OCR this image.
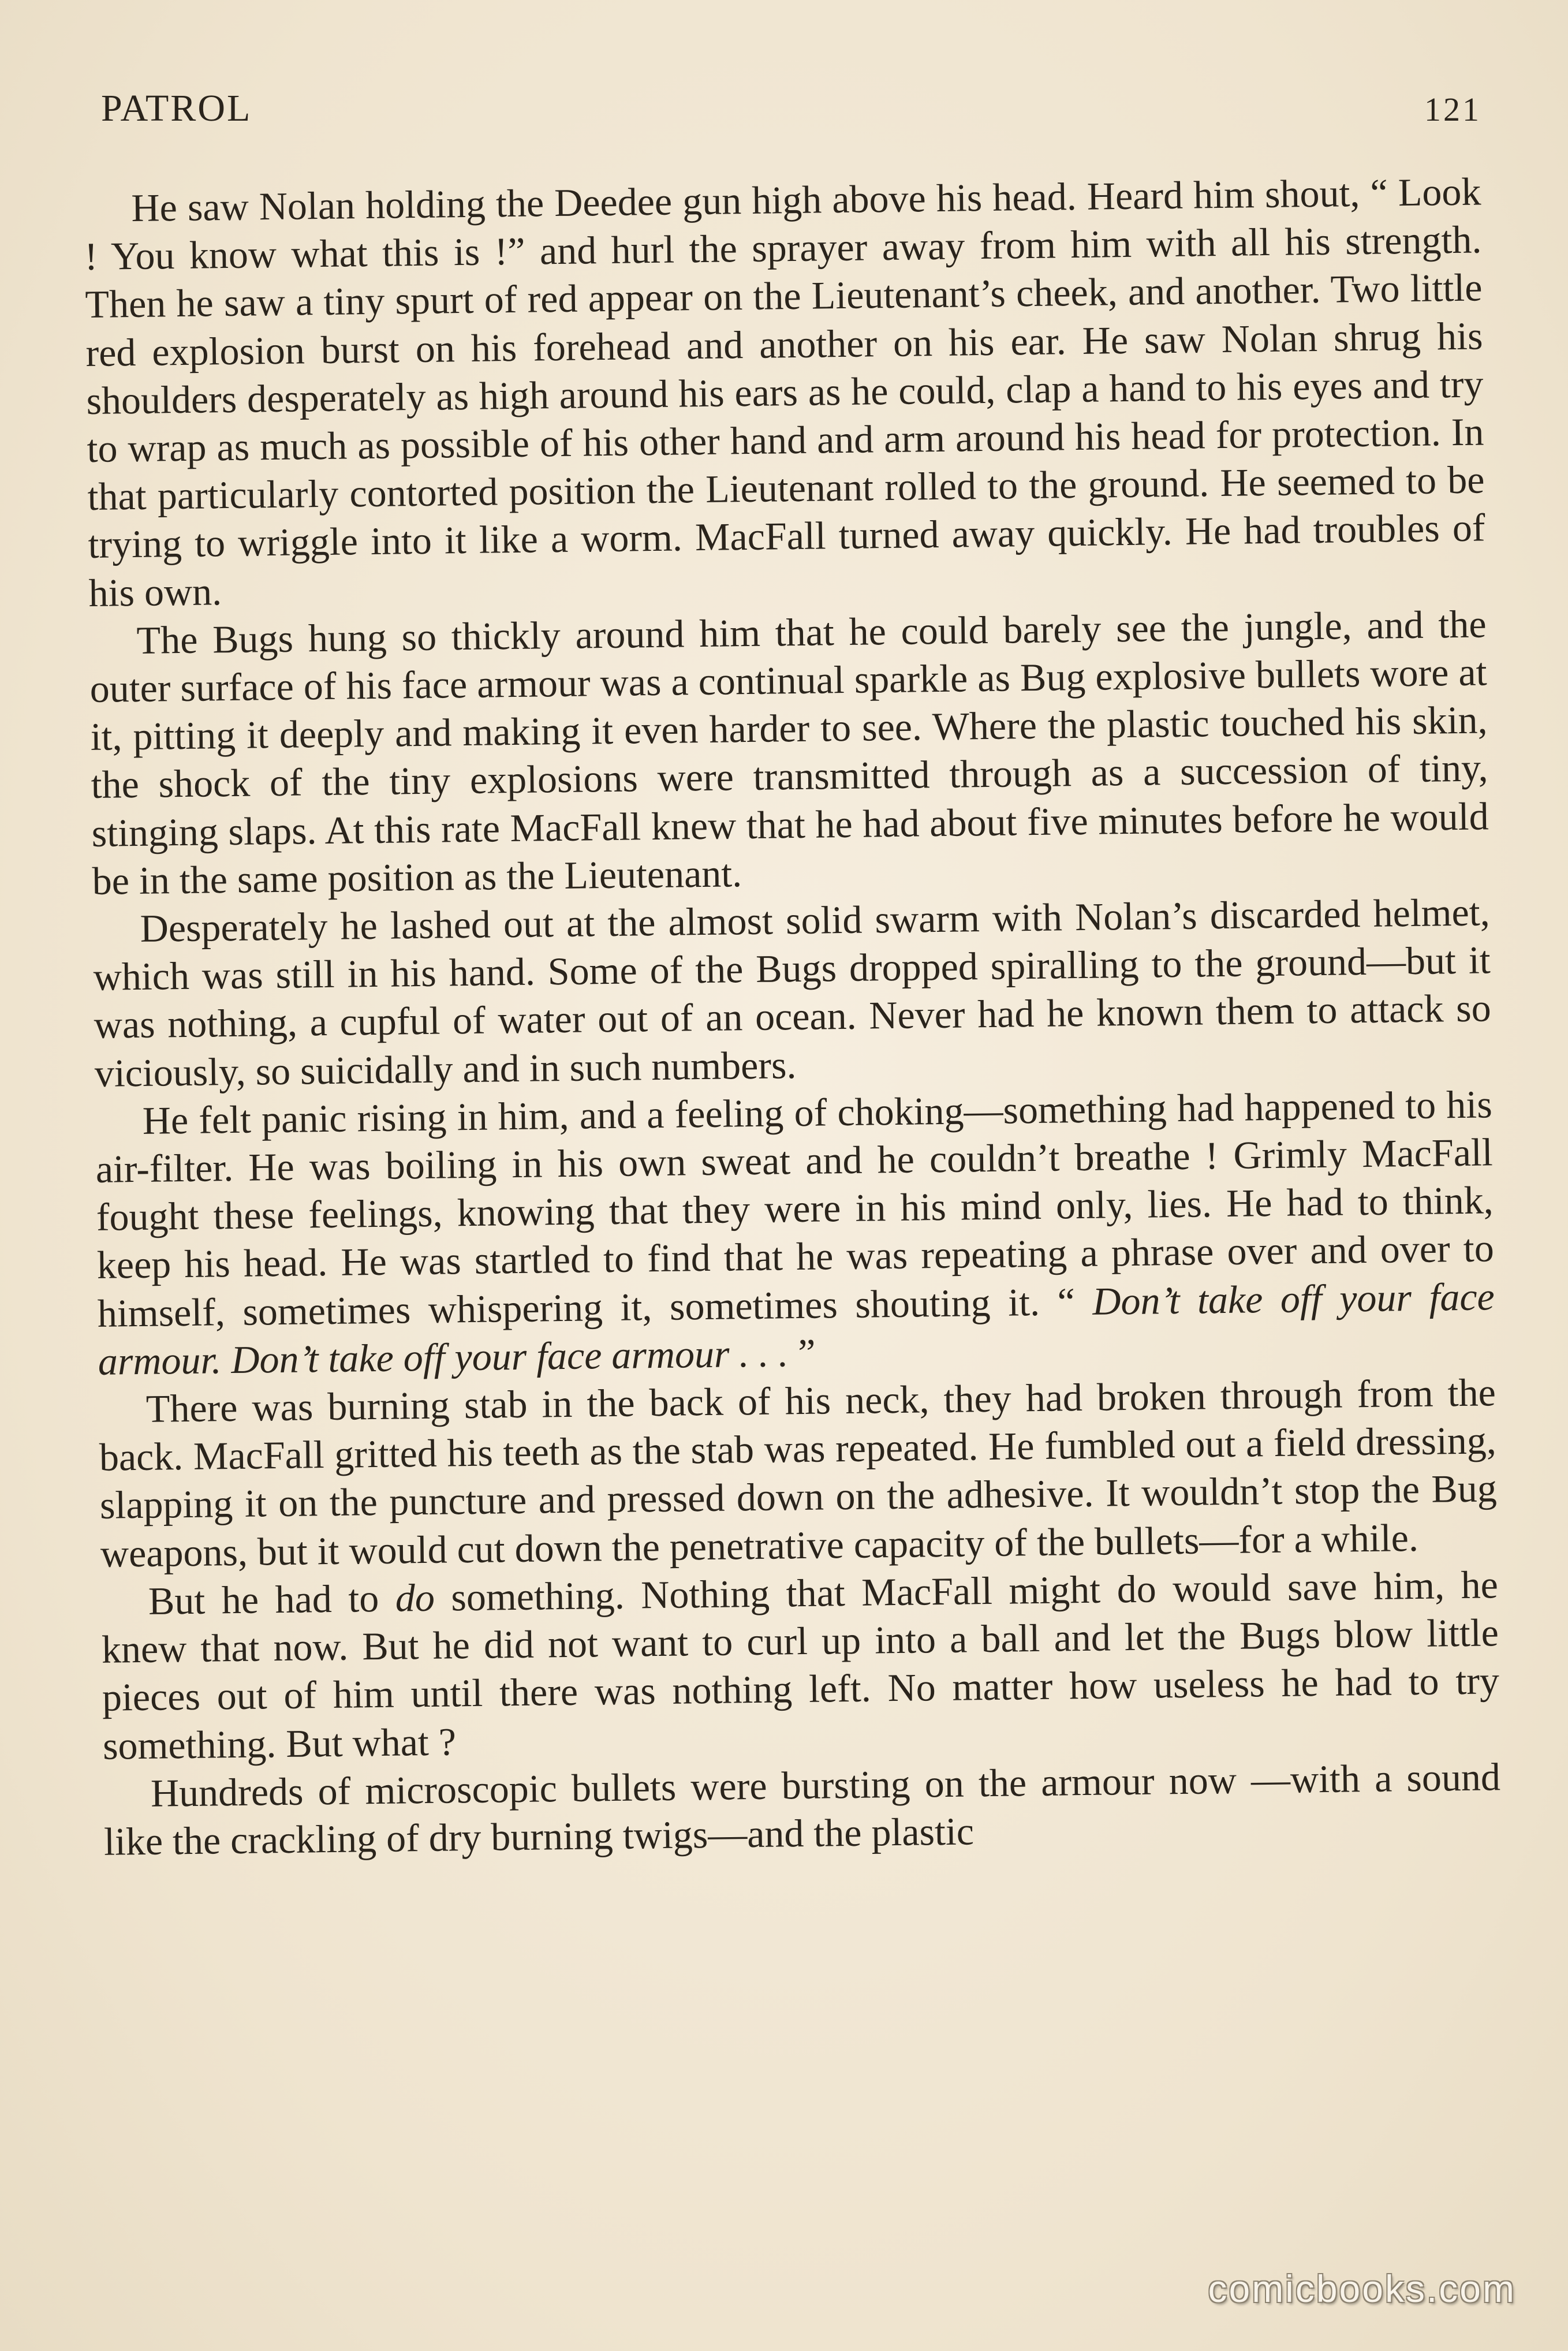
PATROL	121

He saw Nolan holding the Deedee gun high above his head. Heard him shout, “ Look ! You know what this is !” and hurl the sprayer away from him with all his strength. Then he saw a tiny spurt of red appear on the Lieutenant’s cheek, and another. Two little red explosion burst on his forehead and another on his ear. He saw Nolan shrug his shoulders desperately as high around his ears as he could, clap a hand to his eyes and try to wrap as much as possible of his other hand and arm around his head for protection. In that particularly contorted position the Lieutenant rolled to the ground. He seemed to be trying to wriggle into it like a worm. MacFall turned away quickly. He had troubles of his own.

The Bugs hung so thickly around him that he could barely see the jungle, and the outer surface of his face armour was a continual sparkle as Bug explosive bullets wore at it, pitting it deeply and making it even harder to see. Where the plastic touched his skin, the shock of the tiny explosions were transmitted through as a succession of tiny, stinging slaps. At this rate MacFall knew that he had about five minutes before he would be in the same position as the Lieutenant.

Desperately he lashed out at the almost solid swarm with Nolan’s discarded helmet, which was still in his hand. Some of the Bugs dropped spiralling to the ground—but it was nothing, a cupful of water out of an ocean. Never had he known them to attack so viciously, so suicidally and in such numbers.

He felt panic rising in him, and a feeling of choking—something had happened to his air-filter. He was boiling in his own sweat and he couldn’t breathe ! Grimly MacFall fought these feelings, knowing that they were in his mind only, lies. He had to think, keep his head. He was startled to find that he was repeating a phrase over and over to himself, sometimes whispering it, sometimes shouting it. “ Don’t take off your face armour. Don’t take off your face armour . . . ”

There was burning stab in the back of his neck, they had broken through from the back. MacFall gritted his teeth as the stab was repeated. He fumbled out a field dressing, slapping it on the puncture and pressed down on the adhesive. It wouldn’t stop the Bug weapons, but it would cut down the penetrative capacity of the bullets—for a while.

But he had to do something. Nothing that MacFall might do would save him, he knew that now. But he did not want to curl up into a ball and let the Bugs blow little pieces out of him until there was nothing left. No matter how useless he had to try something. But what ?

Hundreds of microscopic bullets were bursting on the armour now —with a sound like the crackling of dry burning twigs—and the plastic

comicbooks.com
